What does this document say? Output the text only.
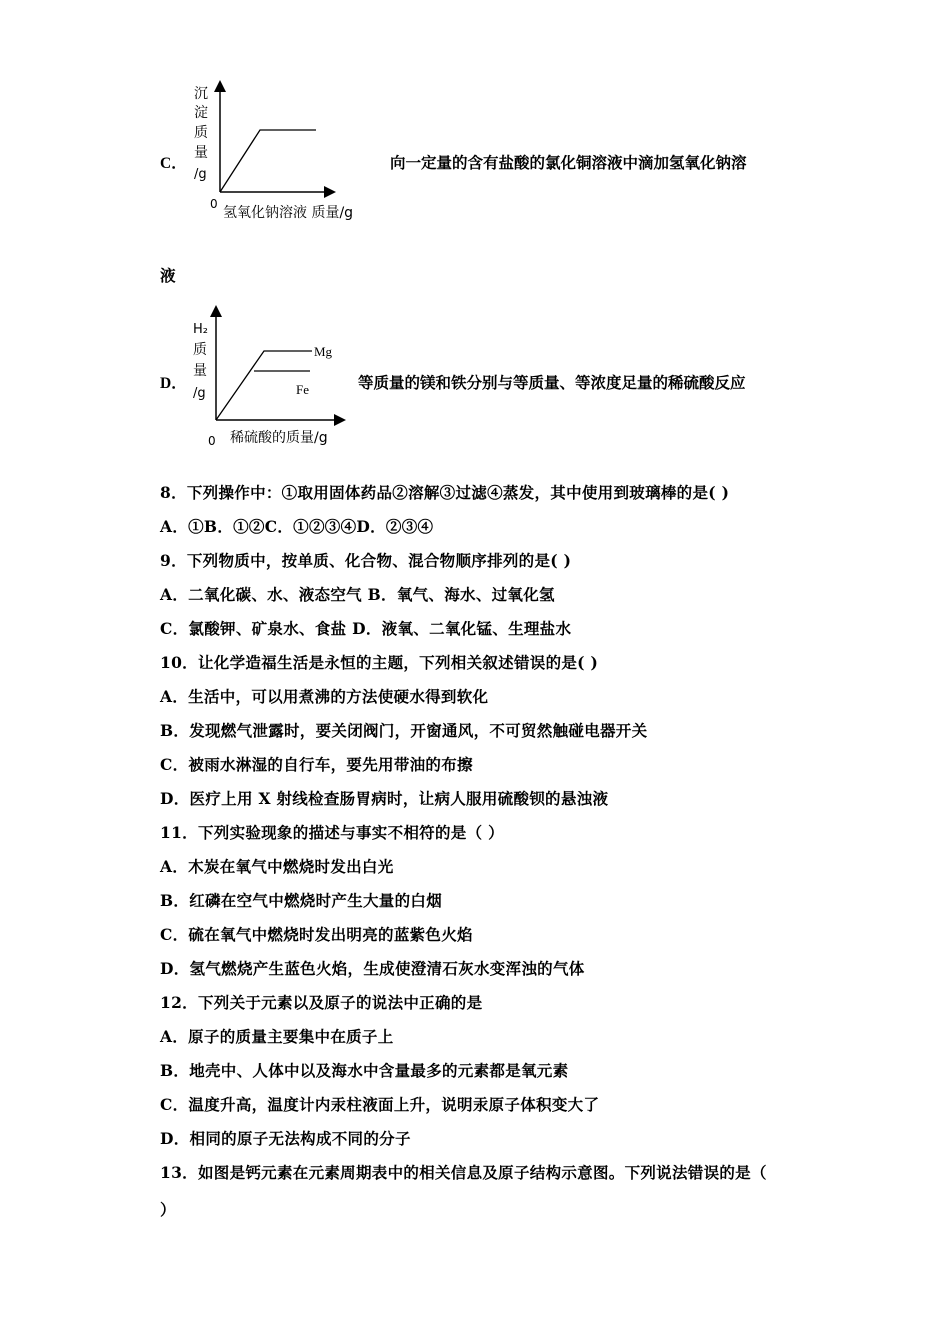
C．
沉
淀
质
量
/g
0
氢氧化钠溶液 质量/g
向一定量的含有盐酸的氯化铜溶液中滴加氢氧化钠溶
液
D．
H₂
质
量
/g
Mg
Fe
0 稀硫酸的质量/g
等质量的镁和铁分别与等质量、等浓度足量的稀硫酸反应
8．下列操作中：①取用固体药品②溶解③过滤④蒸发，其中使用到玻璃棒的是( )
A．①B．①②C．①②③④D．②③④
9．下列物质中，按单质、化合物、混合物顺序排列的是( )
A．二氧化碳、水、液态空气 B．氧气、海水、过氧化氢
C．氯酸钾、矿泉水、食盐 D．液氧、二氧化锰、生理盐水
10．让化学造福生活是永恒的主题，下列相关叙述错误的是( )
A．生活中，可以用煮沸的方法使硬水得到软化
B．发现燃气泄露时，要关闭阀门，开窗通风，不可贸然触碰电器开关
C．被雨水淋湿的自行车，要先用带油的布擦
D．医疗上用 X 射线检查肠胃病时，让病人服用硫酸钡的悬浊液
11．下列实验现象的描述与事实不相符的是（ ）
A．木炭在氧气中燃烧时发出白光
B．红磷在空气中燃烧时产生大量的白烟
C．硫在氧气中燃烧时发出明亮的蓝紫色火焰
D．氢气燃烧产生蓝色火焰，生成使澄清石灰水变浑浊的气体
12．下列关于元素以及原子的说法中正确的是
A．原子的质量主要集中在质子上
B．地壳中、人体中以及海水中含量最多的元素都是氧元素
C．温度升高，温度计内汞柱液面上升，说明汞原子体积变大了
D．相同的原子无法构成不同的分子
13．如图是钙元素在元素周期表中的相关信息及原子结构示意图。下列说法错误的是（
）
